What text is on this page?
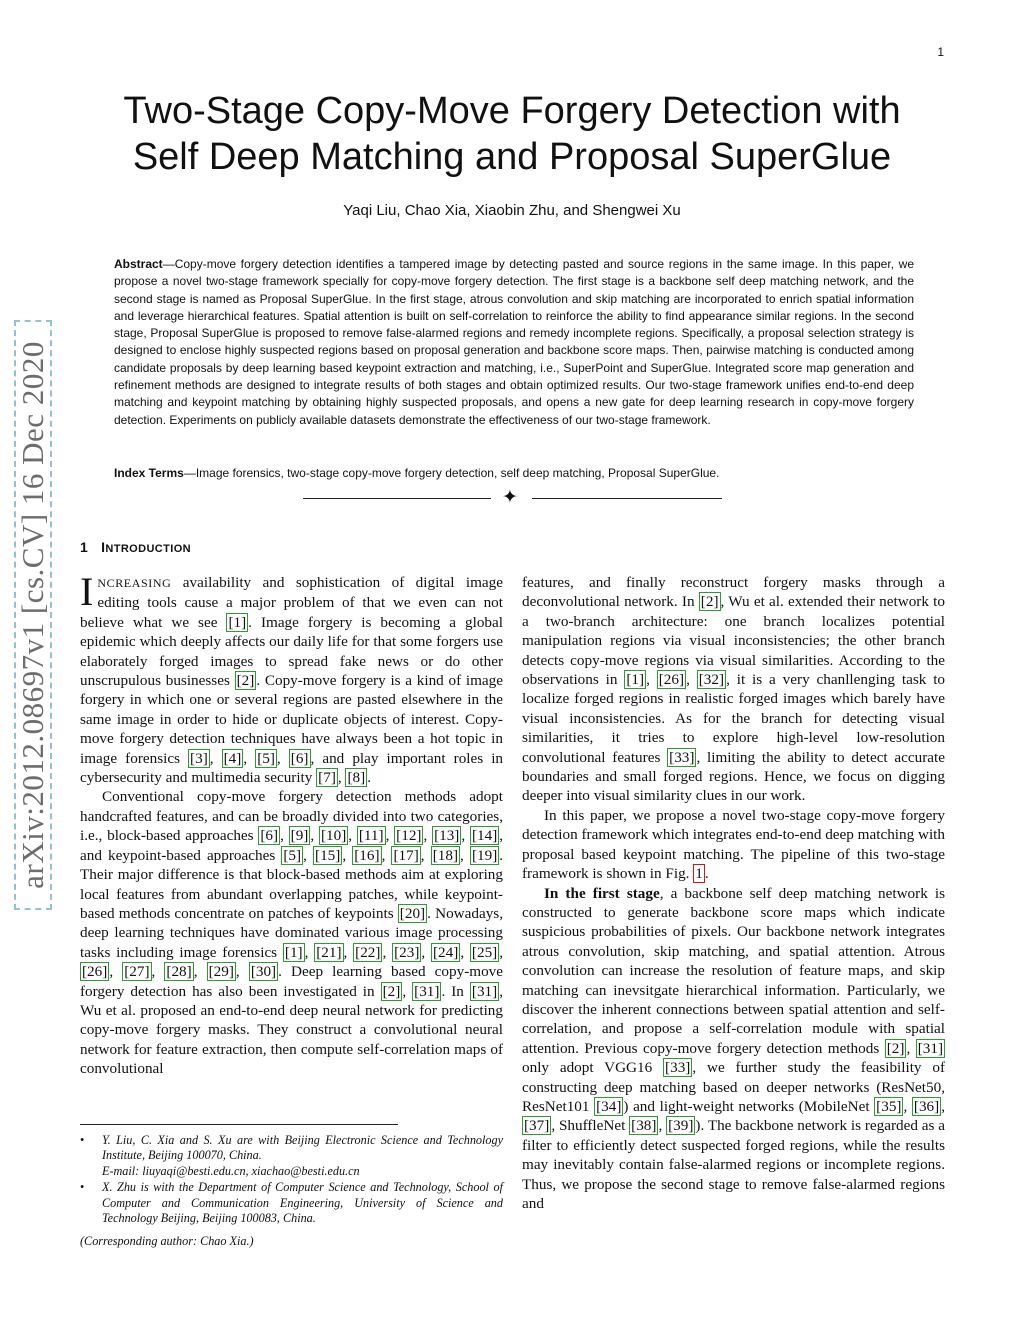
1
arXiv:2012.08697v1 [cs.CV] 16 Dec 2020
Two-Stage Copy-Move Forgery Detection with
Self Deep Matching and Proposal SuperGlue
Yaqi Liu, Chao Xia, Xiaobin Zhu, and Shengwei Xu
Abstract—Copy-move forgery detection identifies a tampered image by detecting pasted and source regions in the same image. In this paper, we propose a novel two-stage framework specially for copy-move forgery detection. The first stage is a backbone self deep matching network, and the second stage is named as Proposal SuperGlue. In the first stage, atrous convolution and skip matching are incorporated to enrich spatial information and leverage hierarchical features. Spatial attention is built on self-correlation to reinforce the ability to find appearance similar regions. In the second stage, Proposal SuperGlue is proposed to remove false-alarmed regions and remedy incomplete regions. Specifically, a proposal selection strategy is designed to enclose highly suspected regions based on proposal generation and backbone score maps. Then, pairwise matching is conducted among candidate proposals by deep learning based keypoint extraction and matching, i.e., SuperPoint and SuperGlue. Integrated score map generation and refinement methods are designed to integrate results of both stages and obtain optimized results. Our two-stage framework unifies end-to-end deep matching and keypoint matching by obtaining highly suspected proposals, and opens a new gate for deep learning research in copy-move forgery detection. Experiments on publicly available datasets demonstrate the effectiveness of our two-stage framework.
Index Terms—Image forensics, two-stage copy-move forgery detection, self deep matching, Proposal SuperGlue.
✦
1 INTRODUCTION

INCREASING availability and sophistication of digital image editing tools cause a major problem of that we even can not believe what we see [1] . Image forgery is becoming a global epidemic which deeply affects our daily life for that some forgers use elaborately forged images to spread fake news or do other unscrupulous businesses [2] . Copy-move forgery is a kind of image forgery in which one or several regions are pasted elsewhere in the same image in order to hide or duplicate objects of interest. Copy-move forgery detection techniques have always been a hot topic in image forensics [3] , [4] , [5] , [6] , and play important roles in cybersecurity and multimedia security [7] , [8] .

Conventional copy-move forgery detection methods adopt handcrafted features, and can be broadly divided into two categories, i.e., block-based approaches [6] , [9] , [10] , [11] , [12] , [13] , [14] , and keypoint-based approaches [5] , [15] , [16] , [17] , [18] , [19] . Their major difference is that block-based methods aim at exploring local features from abundant overlapping patches, while keypoint-based methods concentrate on patches of keypoints [20] . Nowadays, deep learning techniques have dominated various image processing tasks including image forensics [1] , [21] , [22] , [23] , [24] , [25] , [26] , [27] , [28] , [29] , [30] . Deep learning based copy-move forgery detection has also been investigated in [2] , [31] . In [31] , Wu et al. proposed an end-to-end deep neural network for predicting copy-move forgery masks. They construct a convolutional neural network for feature extraction, then compute self-correlation maps of convolutional

• Y. Liu, C. Xia and S. Xu are with Beijing Electronic Science and Technology Institute, Beijing 100070, China.
E-mail: liuyaqi@besti.edu.cn, xiachao@besti.edu.cn
• X. Zhu is with the Department of Computer Science and Technology, School of Computer and Communication Engineering, University of Science and Technology Beijing, Beijing 100083, China.
(Corresponding author: Chao Xia.)

features, and finally reconstruct forgery masks through a deconvolutional network. In [2] , Wu et al. extended their network to a two-branch architecture: one branch localizes potential manipulation regions via visual inconsistencies; the other branch detects copy-move regions via visual similarities. According to the observations in [1] , [26] , [32] , it is a very chanllenging task to localize forged regions in realistic forged images which barely have visual inconsistencies. As for the branch for detecting visual similarities, it tries to explore high-level low-resolution convolutional features [33] , limiting the ability to detect accurate boundaries and small forged regions. Hence, we focus on digging deeper into visual similarity clues in our work.

In this paper, we propose a novel two-stage copy-move forgery detection framework which integrates end-to-end deep matching with proposal based keypoint matching. The pipeline of this two-stage framework is shown in Fig. 1 .

In the first stage, a backbone self deep matching network is constructed to generate backbone score maps which indicate suspicious probabilities of pixels. Our backbone network integrates atrous convolution, skip matching, and spatial attention. Atrous convolution can increase the resolution of feature maps, and skip matching can inevsitgate hierarchical information. Particularly, we discover the inherent connections between spatial attention and self-correlation, and propose a self-correlation module with spatial attention. Previous copy-move forgery detection methods [2] , [31] only adopt VGG16 [33] , we further study the feasibility of constructing deep matching based on deeper networks (ResNet50, ResNet101 [34] ) and light-weight networks (MobileNet [35] , [36] , [37] , ShuffleNet [38] , [39] ). The backbone network is regarded as a filter to efficiently detect suspected forged regions, while the results may inevitably contain false-alarmed regions or incomplete regions. Thus, we propose the second stage to remove false-alarmed regions and
